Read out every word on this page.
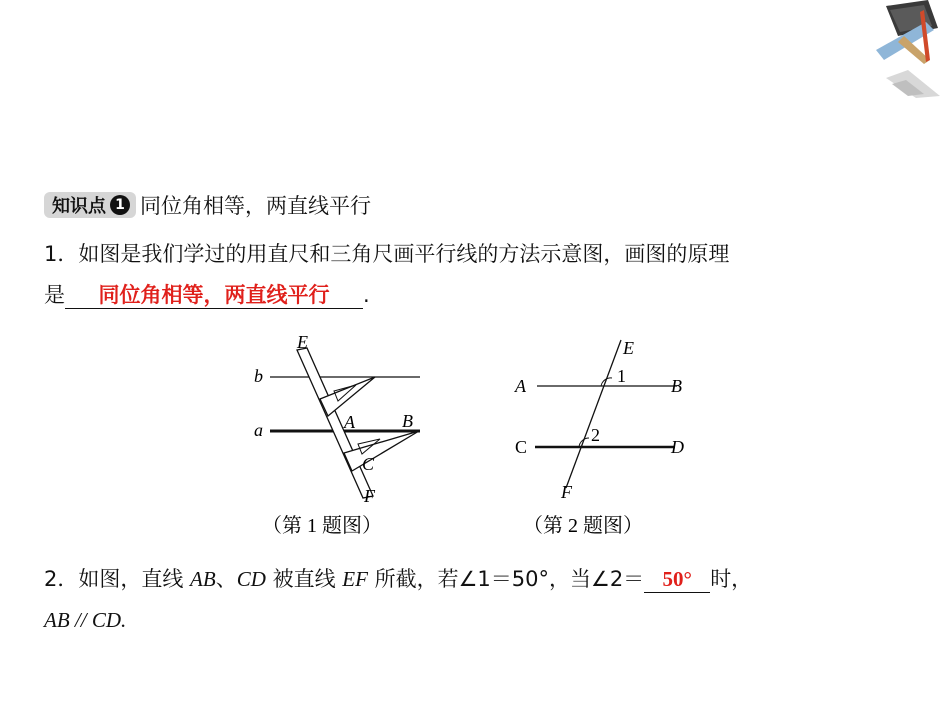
知识点 1 同位角相等，两直线平行
1．如图是我们学过的用直尺和三角尺画平行线的方法示意图，画图的原理
是 同位角相等，两直线平行 .
E
b
a	A	B
C
F
（第 1 题图）
E
A	B
1
C
2
D
F
（第 2 题图）
2．如图，直线 AB、CD 被直线 EF 所截，若∠1＝50°，当∠2＝ 50° 时，
AB // CD.
